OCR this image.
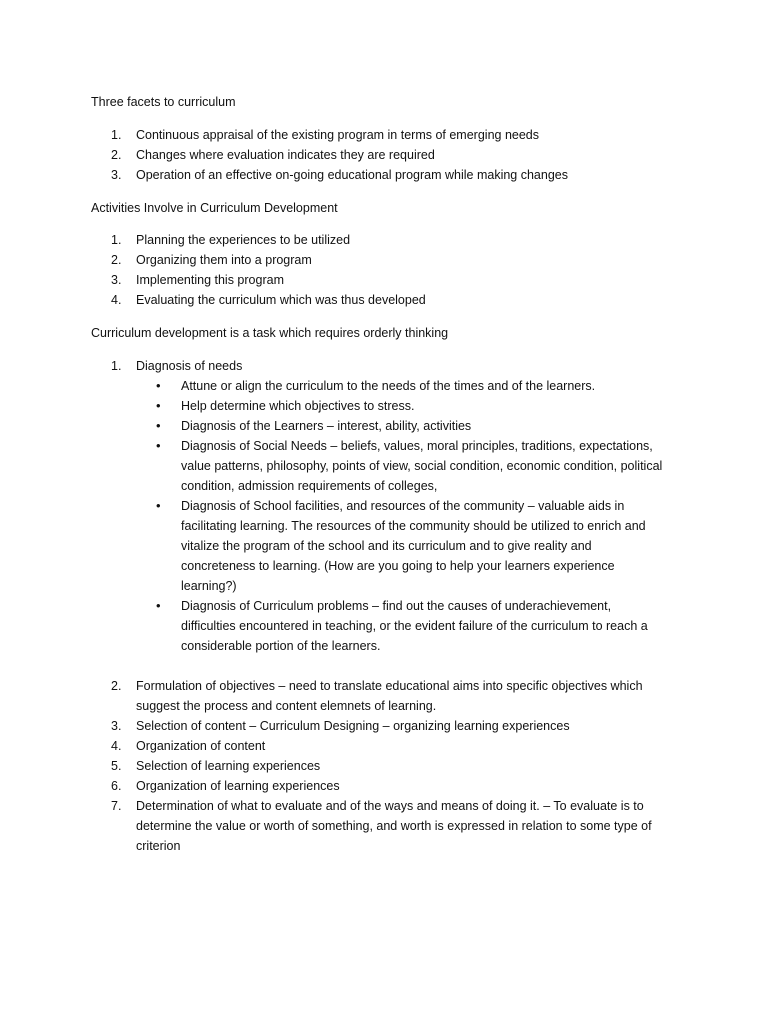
Three facets to curriculum

1. Continuous appraisal of the existing program in terms of emerging needs
2. Changes where evaluation indicates they are required
3. Operation of an effective on-going educational program while making changes

Activities Involve in Curriculum Development

1. Planning the experiences to be utilized
2. Organizing them into a program
3. Implementing this program
4. Evaluating the curriculum which was thus developed

Curriculum development is a task which requires orderly thinking

1. Diagnosis of needs
• Attune or align the curriculum to the needs of the times and of the learners.
• Help determine which objectives to stress.
• Diagnosis of the Learners – interest, ability, activities
• Diagnosis of Social Needs – beliefs, values, moral principles, traditions, expectations, value patterns, philosophy, points of view, social condition, economic condition, political condition, admission requirements of colleges,
• Diagnosis of School facilities, and resources of the community – valuable aids in facilitating learning. The resources of the community should be utilized to enrich and vitalize the program of the school and its curriculum and to give reality and concreteness to learning. (How are you going to help your learners experience learning?)
• Diagnosis of Curriculum problems – find out the causes of underachievement, difficulties encountered in teaching, or the evident failure of the curriculum to reach a considerable portion of the learners.
2. Formulation of objectives – need to translate educational aims into specific objectives which suggest the process and content elemnets of learning.
3. Selection of content – Curriculum Designing – organizing learning experiences
4. Organization of content
5. Selection of learning experiences
6. Organization of learning experiences
7. Determination of what to evaluate and of the ways and means of doing it. – To evaluate is to determine the value or worth of something, and worth is expressed in relation to some type of criterion
